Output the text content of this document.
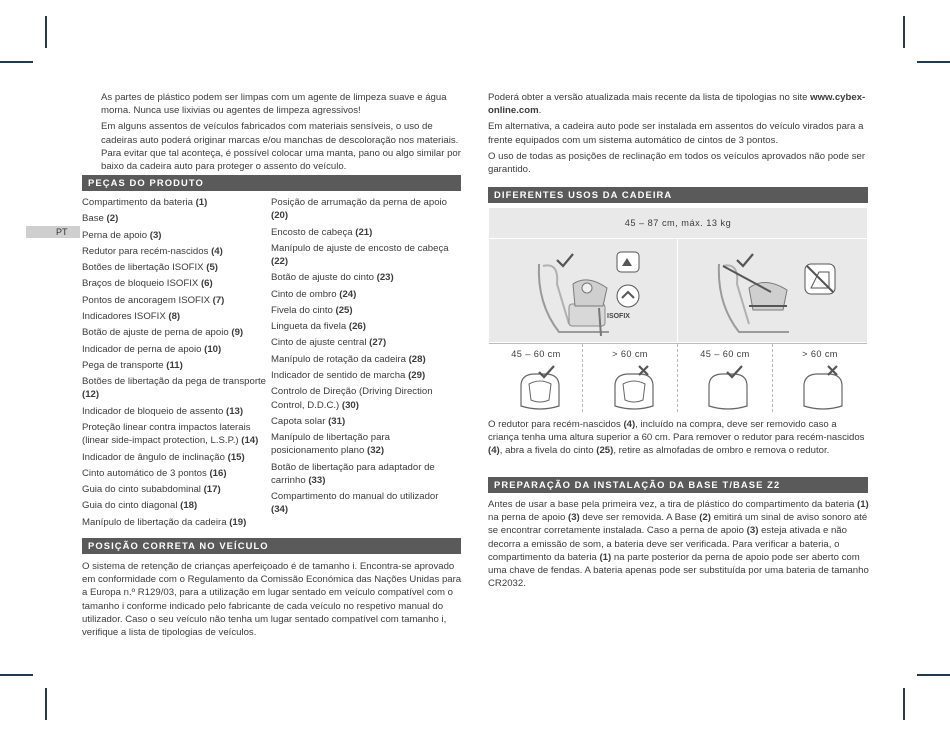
PT

As partes de plástico podem ser limpas com um agente de limpeza suave e água morna. Nunca use lixivias ou agentes de limpeza agressivos!

Em alguns assentos de veículos fabricados com materiais sensíveis, o uso de cadeiras auto poderá originar marcas e/ou manchas de descoloração nos materiais. Para evitar que tal aconteça, é possível colocar uma manta, pano ou algo similar por baixo da cadeira auto para proteger o assento do veículo.

PEÇAS DO PRODUTO
Compartimento da bateria (1)
Base (2)
Perna de apoio (3)
Redutor para recém-nascidos (4)
Botões de libertação ISOFIX (5)
Braços de bloqueio ISOFIX (6)
Pontos de ancoragem ISOFIX (7)
Indicadores ISOFIX (8)
Botão de ajuste de perna de apoio (9)
Indicador de perna de apoio (10)
Pega de transporte (11)
Botões de libertação da pega de transporte (12)
Indicador de bloqueio de assento (13)
Proteção linear contra impactos laterais (linear side-impact protection, L.S.P.) (14)
Indicador de ângulo de inclinação (15)
Cinto automático de 3 pontos (16)
Guia do cinto subabdominal (17)
Guia do cinto diagonal (18)
Manípulo de libertação da cadeira (19)
Posição de arrumação da perna de apoio (20)
Encosto de cabeça (21)
Manípulo de ajuste de encosto de cabeça (22)
Botão de ajuste do cinto (23)
Cinto de ombro (24)
Fivela do cinto (25)
Lingueta da fivela (26)
Cinto de ajuste central (27)
Manípulo de rotação da cadeira (28)
Indicador de sentido de marcha (29)
Controlo de Direção (Driving Direction Control, D.D.C.) (30)
Capota solar (31)
Manípulo de libertação para posicionamento plano (32)
Botão de libertação para adaptador de carrinho (33)
Compartimento do manual do utilizador (34)
POSIÇÃO CORRETA NO VEÍCULO

O sistema de retenção de crianças aperfeiçoado é de tamanho i. Encontra-se aprovado em conformidade com o Regulamento da Comissão Económica das Nações Unidas para a Europa n.º R129/03, para a utilização em lugar sentado em veículo compatível com o tamanho i conforme indicado pelo fabricante de cada veículo no respetivo manual do utilizador. Caso o seu veículo não tenha um lugar sentado compatível com tamanho i, verifique a lista de tipologias de veículos.

Poderá obter a versão atualizada mais recente da lista de tipologias no site www.cybex-online.com.

Em alternativa, a cadeira auto pode ser instalada em assentos do veículo virados para a frente equipados com um sistema automático de cintos de 3 pontos.

O uso de todas as posições de reclinação em todos os veículos aprovados não pode ser garantido.

DIFERENTES USOS DA CADEIRA
45 – 87 cm, máx. 13 kg
ISOFIX
45 – 60 cm	> 60 cm	45 – 60 cm	> 60 cm

O redutor para recém-nascidos (4), incluído na compra, deve ser removido caso a criança tenha uma altura superior a 60 cm. Para remover o redutor para recém-nascidos (4), abra a fivela do cinto (25), retire as almofadas de ombro e remova o redutor.

PREPARAÇÃO DA INSTALAÇÃO DA BASE T/BASE Z2

Antes de usar a base pela primeira vez, a tira de plástico do compartimento da bateria (1) na perna de apoio (3) deve ser removida. A Base (2) emitirá um sinal de aviso sonoro até se encontrar corretamente instalada. Caso a perna de apoio (3) esteja ativada e não decorra a emissão de som, a bateria deve ser verificada. Para verificar a bateria, o compartimento da bateria (1) na parte posterior da perna de apoio pode ser aberto com uma chave de fendas. A bateria apenas pode ser substituída por uma bateria de tamanho CR2032.
